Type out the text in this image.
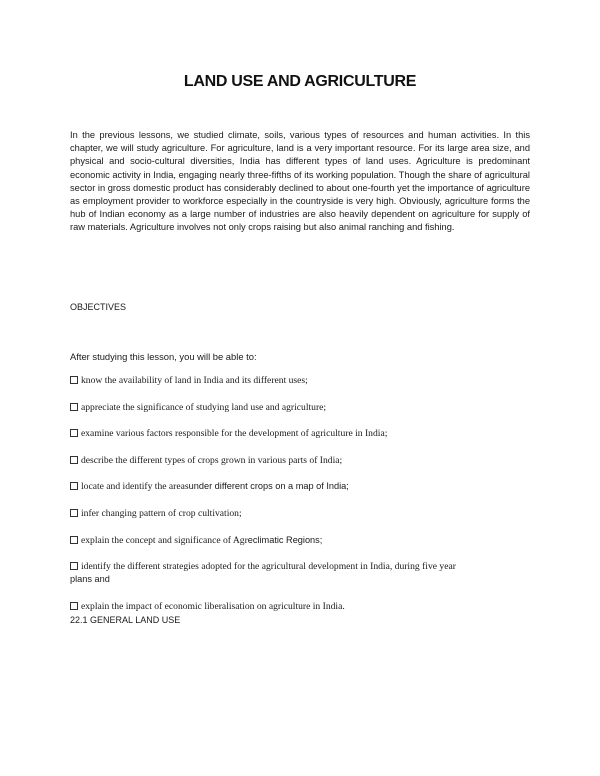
LAND USE AND AGRICULTURE

In the previous lessons, we studied climate, soils, various types of resources and human activities. In this chapter, we will study agriculture. For agriculture, land is a very important resource. For its large area size, and physical and socio-cultural diversities, India has different types of land uses. Agriculture is predominant economic activity in India, engaging nearly three-fifths of its working population. Though the share of agricultural sector in gross domestic product has considerably declined to about one-fourth yet the importance of agriculture as employment provider to workforce especially in the countryside is very high. Obviously, agriculture forms the hub of Indian economy as a large number of industries are also heavily dependent on agriculture for supply of raw materials. Agriculture involves not only crops raising but also animal ranching and fishing.

OBJECTIVES
After studying this lesson, you will be able to:
know the availability of land in India and its different uses;
appreciate the significance of studying land use and agriculture;
examine various factors responsible for the development of agriculture in India;
describe the different types of crops grown in various parts of India;
locate and identify the areasunder different crops on a map of India;
infer changing pattern of crop cultivation;
explain the concept and significance of Agreclimatic Regions;
identify the different strategies adopted for the agricultural development in India, during five year
plans and
explain the impact of economic liberalisation on agriculture in India.
22.1 GENERAL LAND USE
